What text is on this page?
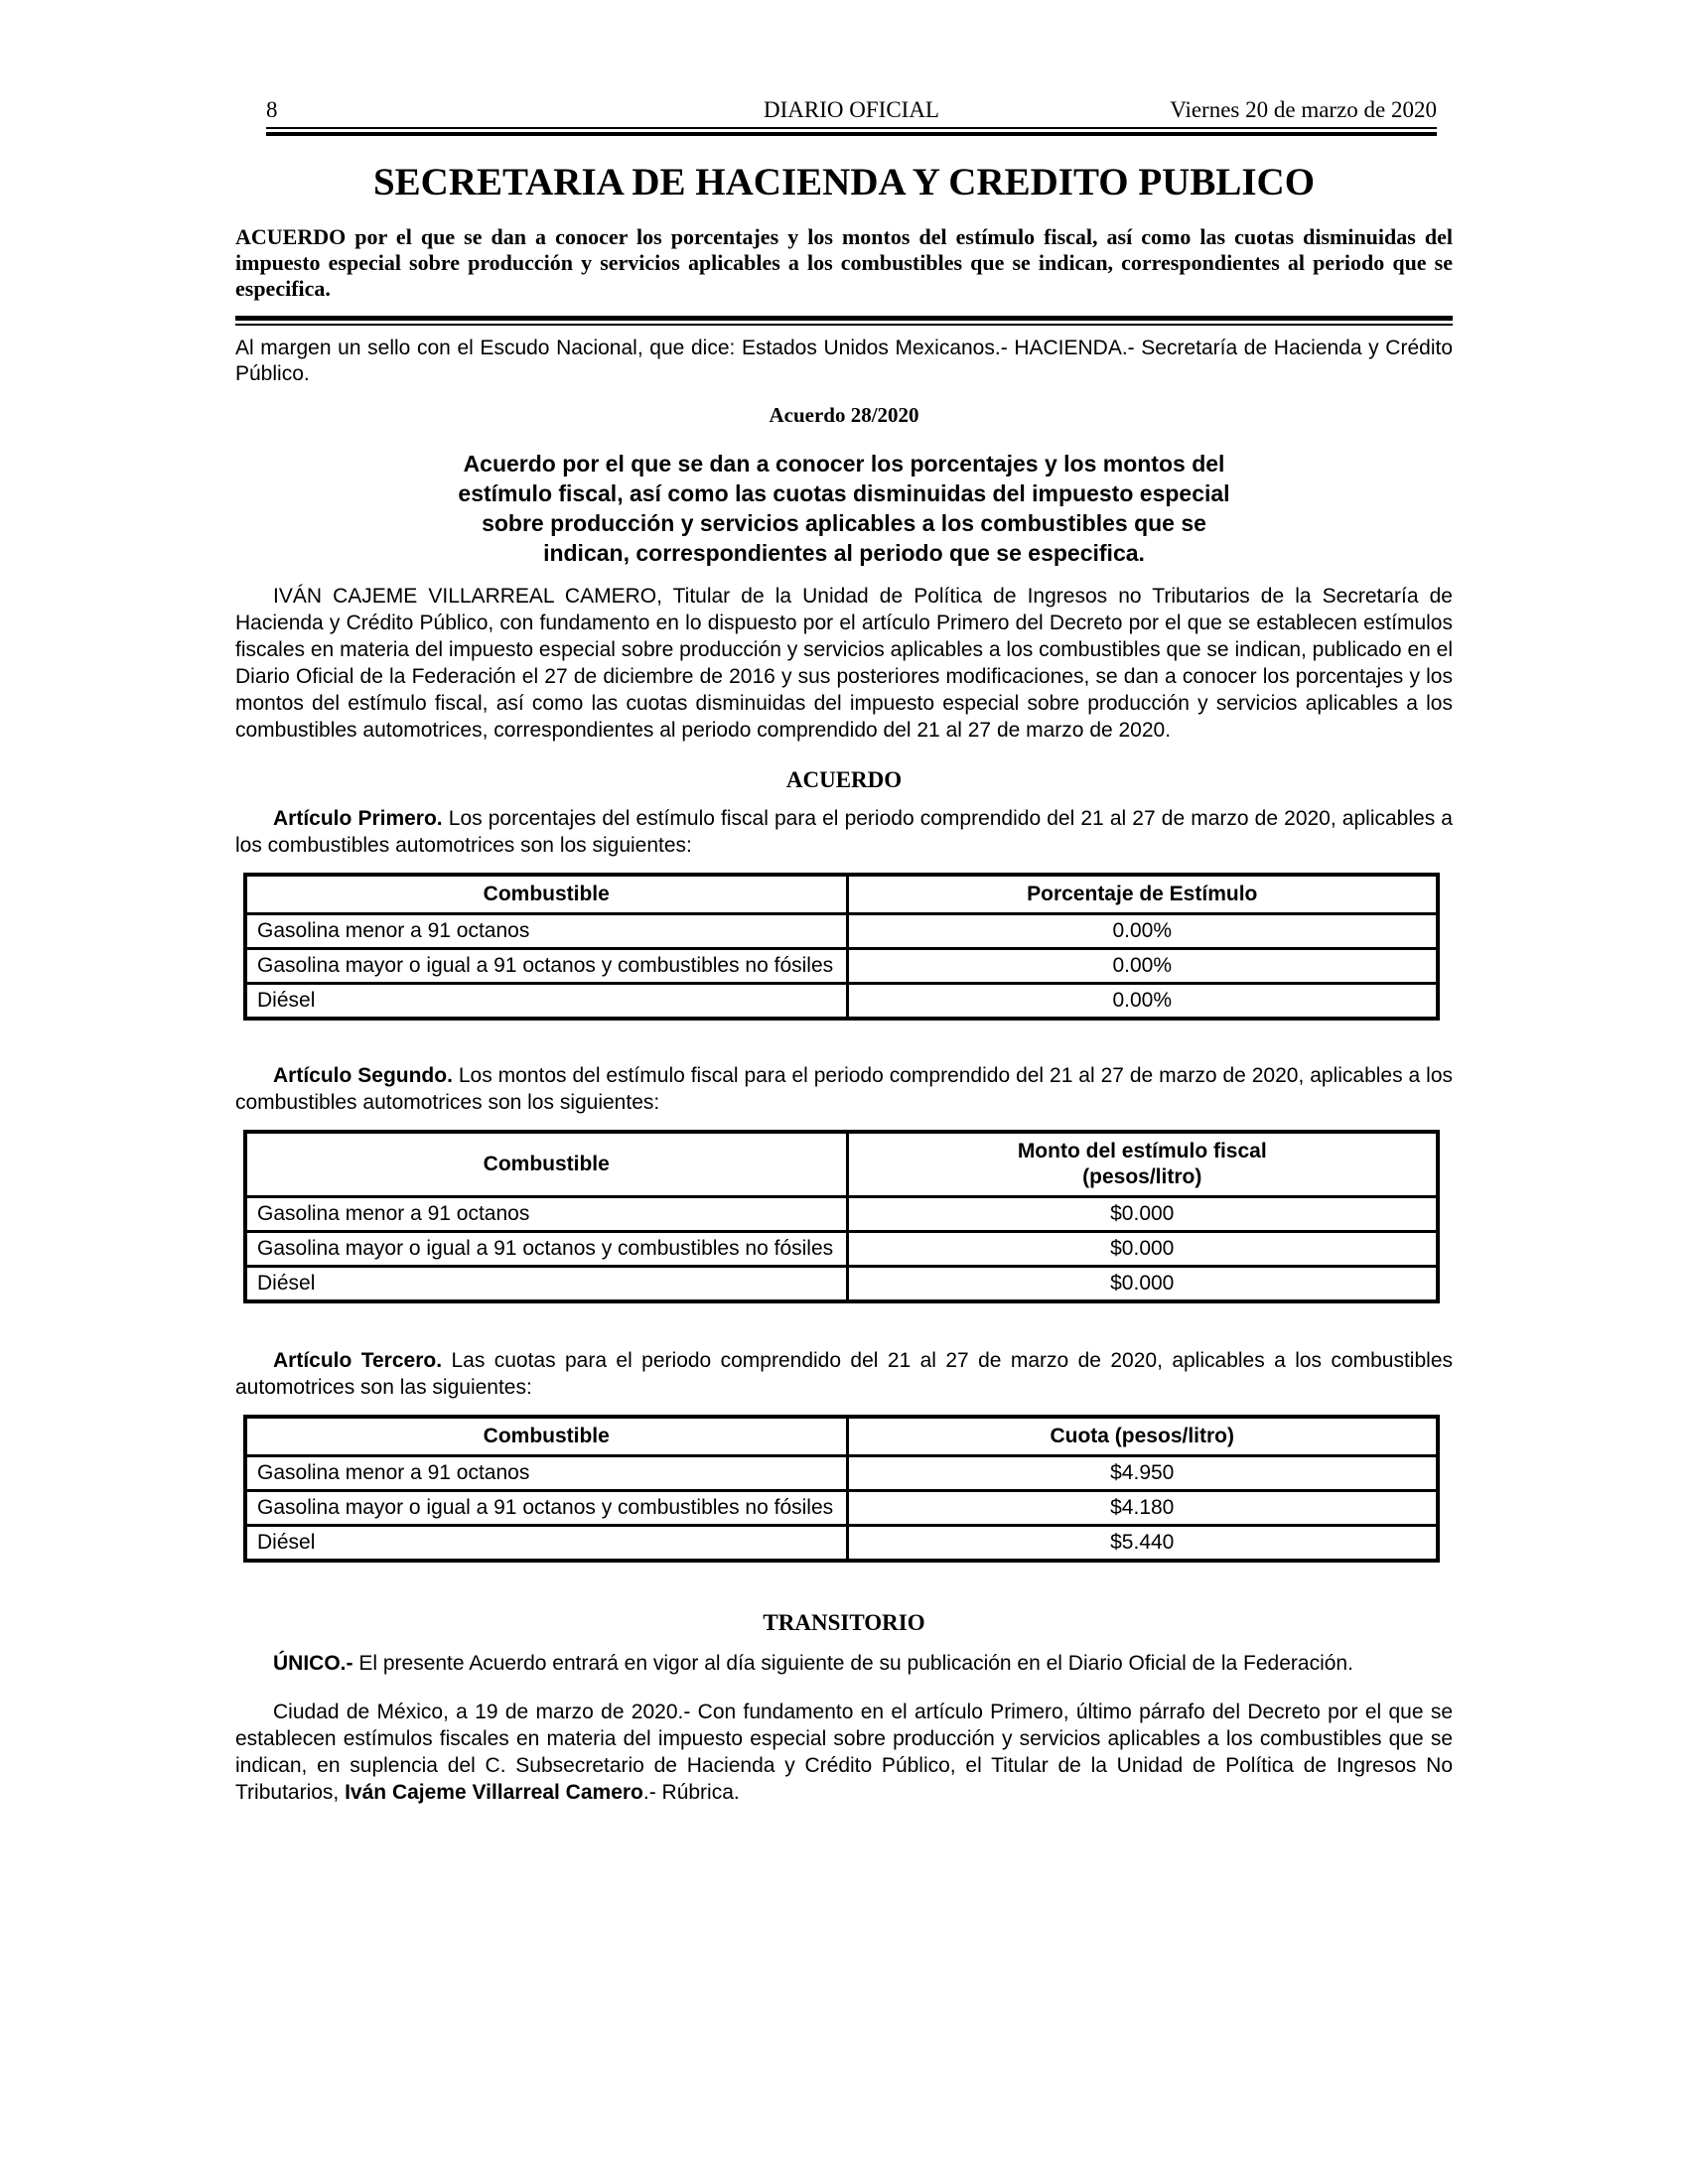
8	DIARIO OFICIAL	Viernes 20 de marzo de 2020
SECRETARIA DE HACIENDA Y CREDITO PUBLICO

ACUERDO por el que se dan a conocer los porcentajes y los montos del estímulo fiscal, así como las cuotas disminuidas del impuesto especial sobre producción y servicios aplicables a los combustibles que se indican, correspondientes al periodo que se especifica.

Al margen un sello con el Escudo Nacional, que dice: Estados Unidos Mexicanos.- HACIENDA.- Secretaría de Hacienda y Crédito Público.

Acuerdo 28/2020
Acuerdo por el que se dan a conocer los porcentajes y los montos del
estímulo fiscal, así como las cuotas disminuidas del impuesto especial
sobre producción y servicios aplicables a los combustibles que se
indican, correspondientes al periodo que se especifica.

IVÁN CAJEME VILLARREAL CAMERO, Titular de la Unidad de Política de Ingresos no Tributarios de la Secretaría de Hacienda y Crédito Público, con fundamento en lo dispuesto por el artículo Primero del Decreto por el que se establecen estímulos fiscales en materia del impuesto especial sobre producción y servicios aplicables a los combustibles que se indican, publicado en el Diario Oficial de la Federación el 27 de diciembre de 2016 y sus posteriores modificaciones, se dan a conocer los porcentajes y los montos del estímulo fiscal, así como las cuotas disminuidas del impuesto especial sobre producción y servicios aplicables a los combustibles automotrices, correspondientes al periodo comprendido del 21 al 27 de marzo de 2020.

ACUERDO

Artículo Primero. Los porcentajes del estímulo fiscal para el periodo comprendido del 21 al 27 de marzo de 2020, aplicables a los combustibles automotrices son los siguientes:

Combustible	Porcentaje de Estímulo

Gasolina menor a 91 octanos	0.00%
Gasolina mayor o igual a 91 octanos y combustibles no fósiles	0.00%
Diésel	0.00%

Artículo Segundo. Los montos del estímulo fiscal para el periodo comprendido del 21 al 27 de marzo de 2020, aplicables a los combustibles automotrices son los siguientes:

Combustible	Monto del estímulo fiscal
(pesos/litro)

Gasolina menor a 91 octanos	$0.000
Gasolina mayor o igual a 91 octanos y combustibles no fósiles	$0.000
Diésel	$0.000

Artículo Tercero. Las cuotas para el periodo comprendido del 21 al 27 de marzo de 2020, aplicables a los combustibles automotrices son las siguientes:

Combustible	Cuota (pesos/litro)

Gasolina menor a 91 octanos	$4.950
Gasolina mayor o igual a 91 octanos y combustibles no fósiles	$4.180
Diésel	$5.440
TRANSITORIO

ÚNICO.- El presente Acuerdo entrará en vigor al día siguiente de su publicación en el Diario Oficial de la Federación.

Ciudad de México, a 19 de marzo de 2020.- Con fundamento en el artículo Primero, último párrafo del Decreto por el que se establecen estímulos fiscales en materia del impuesto especial sobre producción y servicios aplicables a los combustibles que se indican, en suplencia del C. Subsecretario de Hacienda y Crédito Público, el Titular de la Unidad de Política de Ingresos No Tributarios, Iván Cajeme Villarreal Camero.- Rúbrica.
